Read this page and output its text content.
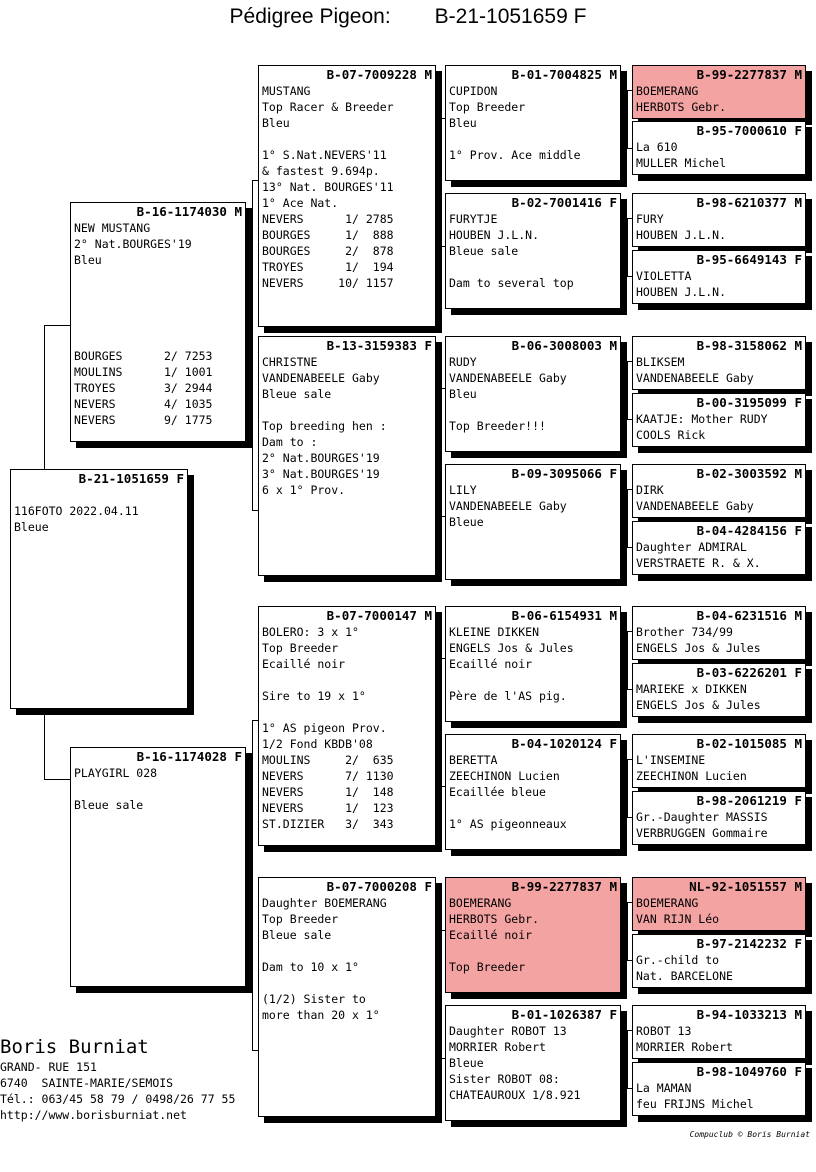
Pédigree Pigeon: B-21-1051659 F
B-21-1051659 F
116FOTO 2022.04.11
Bleue
B-16-1174030 M
NEW MUSTANG
2° Nat.BOURGES'19
Bleu
BOURGES      2/ 7253
MOULINS      1/ 1001
TROYES       3/ 2944
NEVERS       4/ 1035
NEVERS       9/ 1775
B-16-1174028 F
PLAYGIRL 028
Bleue sale
B-07-7009228 M
MUSTANG
Top Racer & Breeder
Bleu
1° S.Nat.NEVERS'11
& fastest 9.694p.
13° Nat. BOURGES'11
1° Ace Nat.
NEVERS      1/ 2785
BOURGES     1/  888
BOURGES     2/  878
TROYES      1/  194
NEVERS     10/ 1157
B-13-3159383 F
CHRISTNE
VANDENABEELE Gaby
Bleue sale
Top breeding hen :
Dam to :
2° Nat.BOURGES'19
3° Nat.BOURGES'19
6 x 1° Prov.
B-07-7000147 M
BOLERO: 3 x 1°
Top Breeder
Ecaillé noir
Sire to 19 x 1°
1° AS pigeon Prov.
1/2 Fond KBDB'08
MOULINS     2/  635
NEVERS      7/ 1130
NEVERS      1/  148
NEVERS      1/  123
ST.DIZIER   3/  343
B-07-7000208 F
Daughter BOEMERANG
Top Breeder
Bleue sale
Dam to 10 x 1°
(1/2) Sister to
more than 20 x 1°
B-01-7004825 M
CUPIDON
Top Breeder
Bleu
1° Prov. Ace middle
B-02-7001416 F
FURYTJE
HOUBEN J.L.N.
Bleue sale
Dam to several top
B-06-3008003 M
RUDY
VANDENABEELE Gaby
Bleu
Top Breeder!!!
B-09-3095066 F
LILY
VANDENABEELE Gaby
Bleue
B-06-6154931 M
KLEINE DIKKEN
ENGELS Jos & Jules
Ecaillé noir
Père de l'AS pig.
B-04-1020124 F
BERETTA
ZEECHINON Lucien
Ecaillée bleue
1° AS pigeonneaux
B-99-2277837 M
BOEMERANG
HERBOTS Gebr.
Ecaillé noir
Top Breeder
B-01-1026387 F
Daughter ROBOT 13
MORRIER Robert
Bleue
Sister ROBOT 08:
CHATEAUROUX 1/8.921
B-99-2277837 M
BOEMERANG
HERBOTS Gebr.
B-95-7000610 F
La 610
MULLER Michel
B-98-6210377 M
FURY
HOUBEN J.L.N.
B-95-6649143 F
VIOLETTA
HOUBEN J.L.N.
B-98-3158062 M
BLIKSEM
VANDENABEELE Gaby
B-00-3195099 F
KAATJE: Mother RUDY
COOLS Rick
B-02-3003592 M
DIRK
VANDENABEELE Gaby
B-04-4284156 F
Daughter ADMIRAL
VERSTRAETE R. & X.
B-04-6231516 M
Brother 734/99
ENGELS Jos & Jules
B-03-6226201 F
MARIEKE x DIKKEN
ENGELS Jos & Jules
B-02-1015085 M
L'INSEMINE
ZEECHINON Lucien
B-98-2061219 F
Gr.-Daughter MASSIS
VERBRUGGEN Gommaire
NL-92-1051557 M
BOEMERANG
VAN RIJN Léo
B-97-2142232 F
Gr.-child to
Nat. BARCELONE
B-94-1033213 M
ROBOT 13
MORRIER Robert
B-98-1049760 F
La MAMAN
feu FRIJNS Michel
Boris Burniat
GRAND- RUE 151
6740  SAINTE-MARIE/SEMOIS
Tél.: 063/45 58 79 / 0498/26 77 55
http://www.borisburniat.net
Compuclub © Boris Burniat
